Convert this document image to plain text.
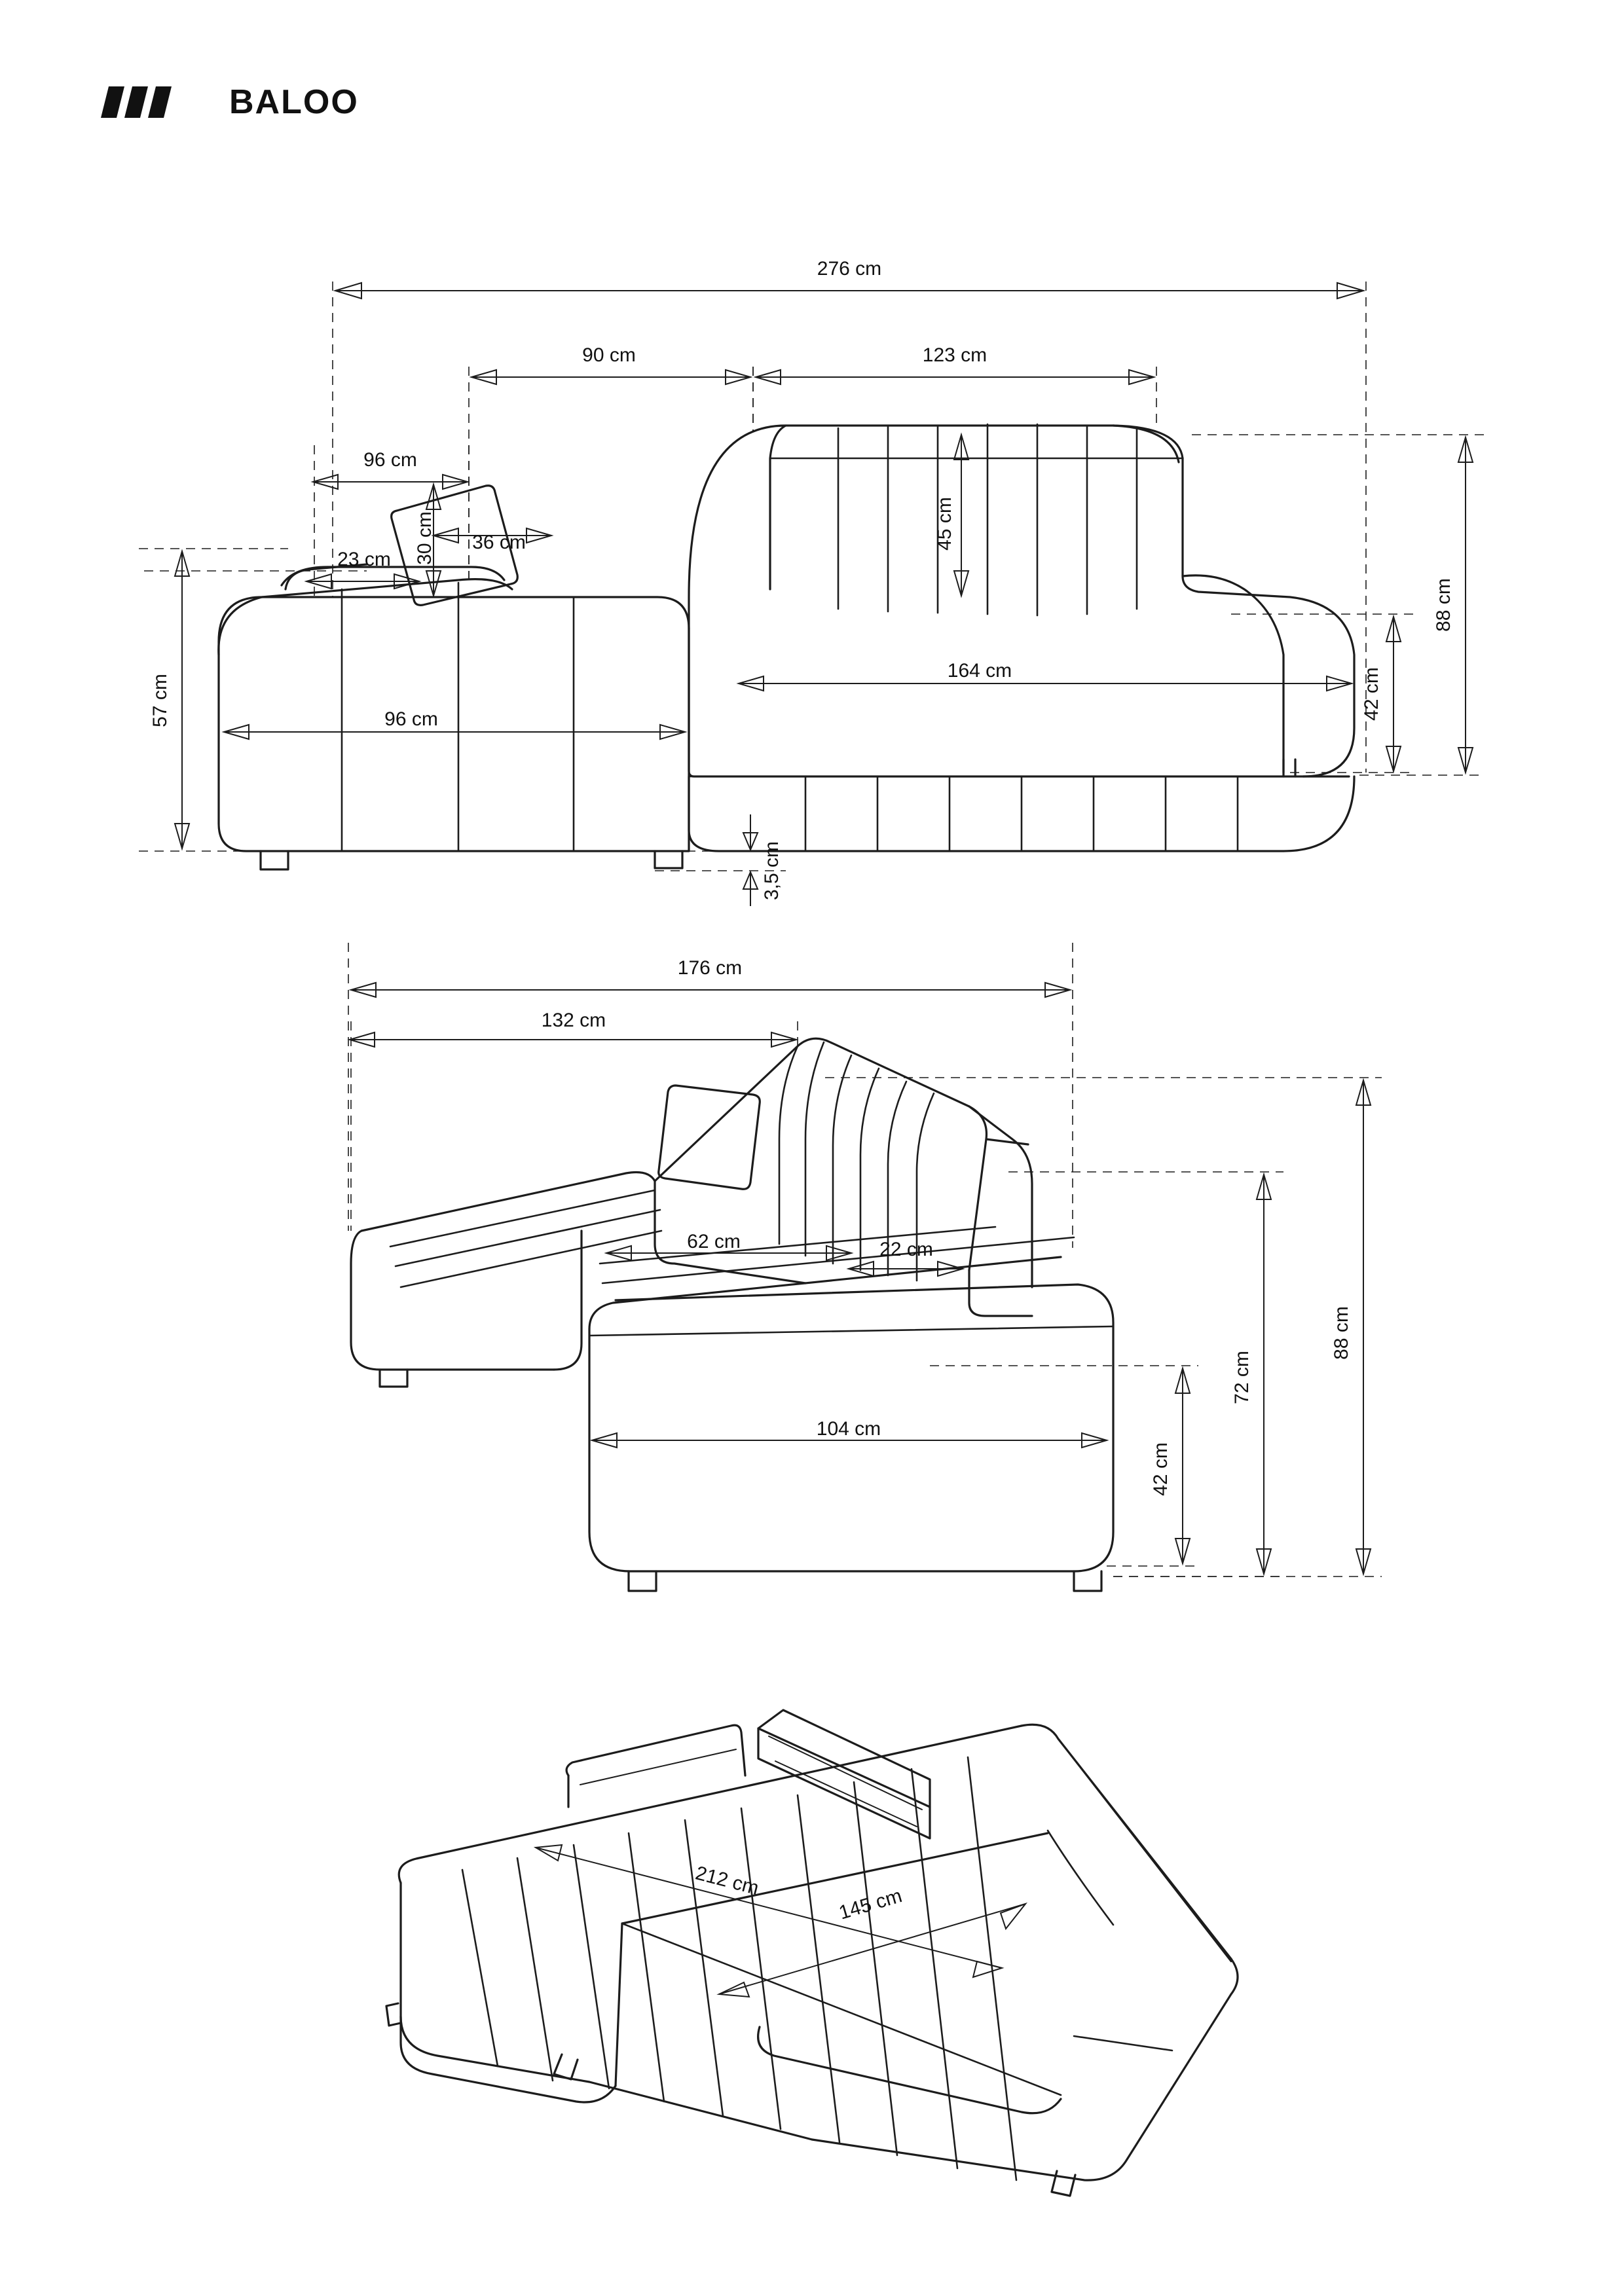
BALOO
276 cm
90 cm	123 cm
96 cm
23 cm
36 cm
30 cm	45 cm
88 cm
42 cm
57 cm	96 cm
164 cm
3,5 cm
176 cm
132 cm
62 cm	22 cm
104 cm
42 cm
72 cm
88 cm
212 cm
145 cm
